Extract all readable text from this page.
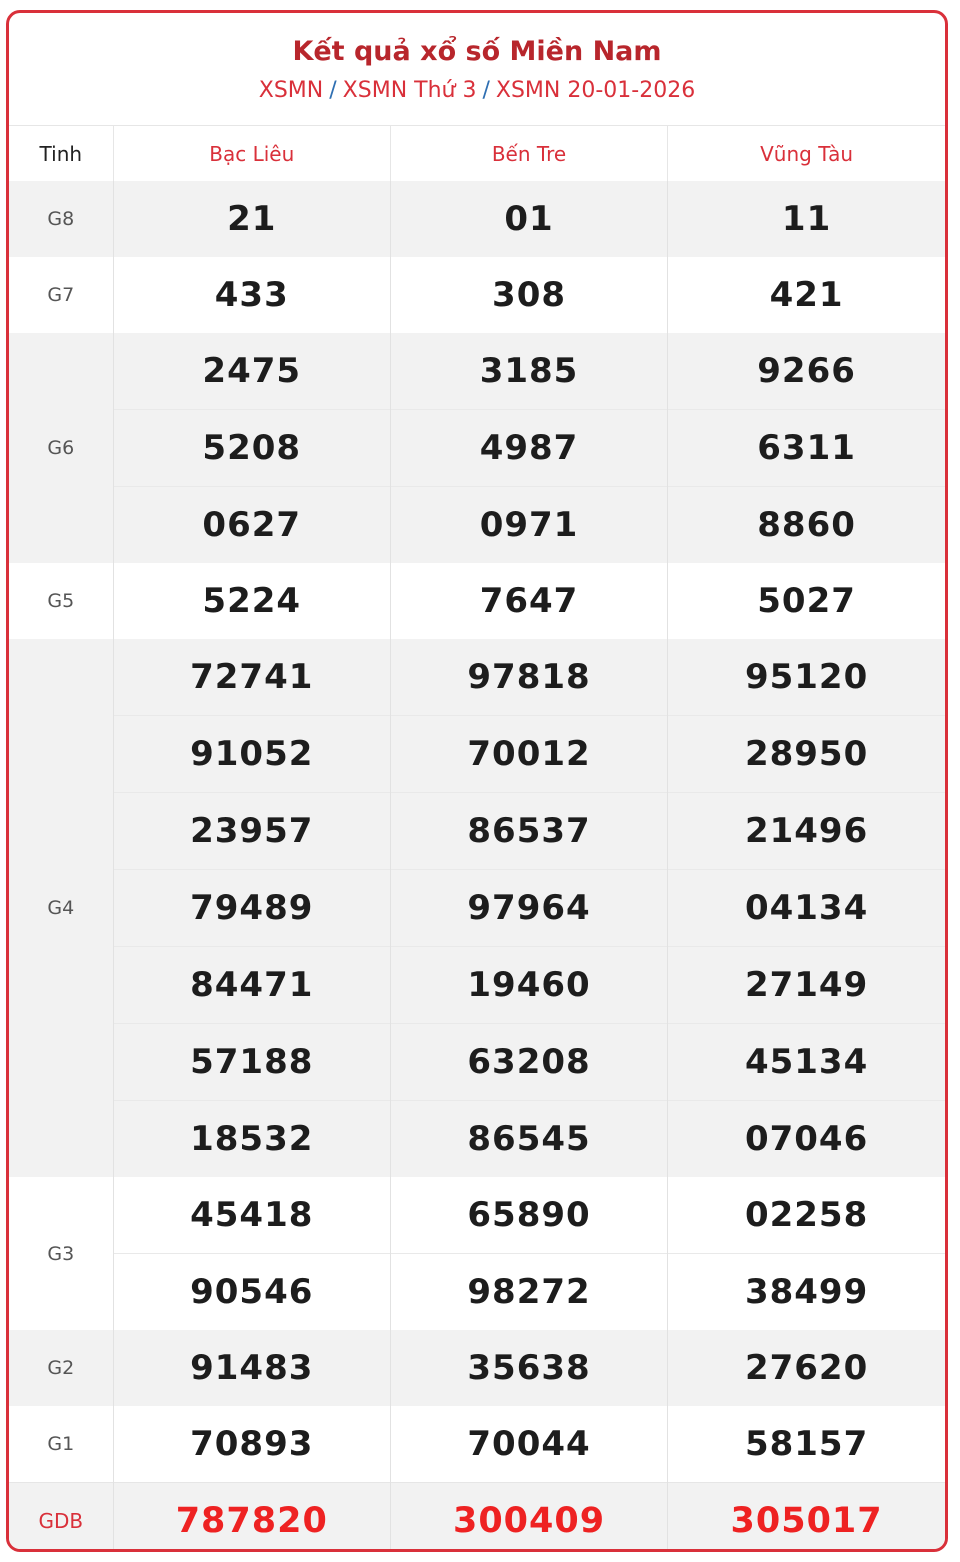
Kết quả xổ số Miền Nam
XSMN / XSMN Thứ 3 / XSMN 20-01-2026
Tinh	Bạc Liêu	Bến Tre	Vũng Tàu
G8	21	01	11
G7	433	308	421
G6	2475	3185	9266
	5208	4987	6311
	0627	0971	8860
G5	5224	7647	5027
G4	72741	97818	95120
	91052	70012	28950
	23957	86537	21496
	79489	97964	04134
	84471	19460	27149
	57188	63208	45134
	18532	86545	07046
G3	45418	65890	02258
	90546	98272	38499
G2	91483	35638	27620
G1	70893	70044	58157
GDB	787820	300409	305017
